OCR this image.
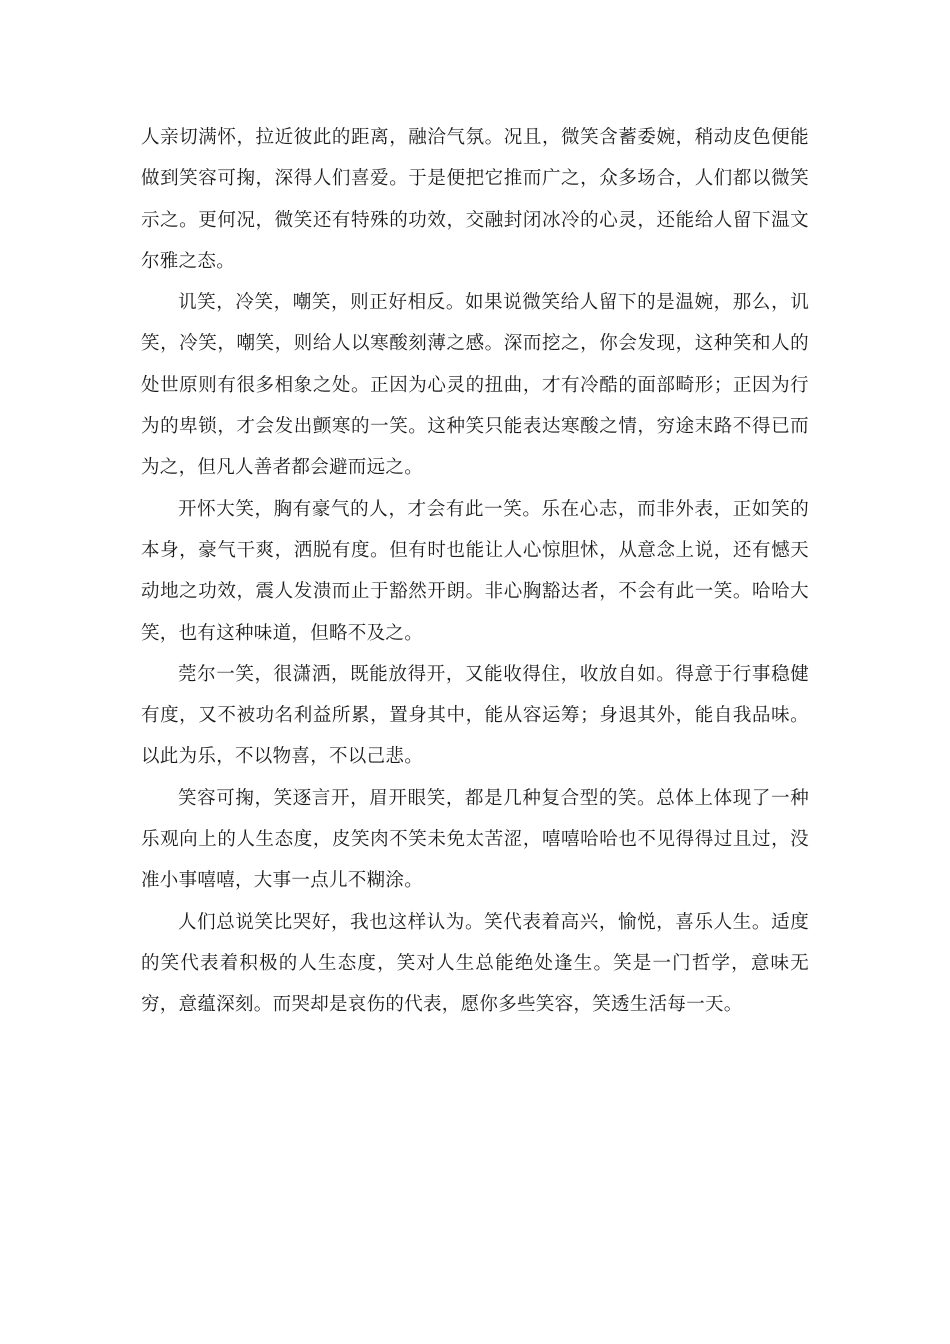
人亲切满怀，拉近彼此的距离，融洽气氛。况且，微笑含蓄委婉，稍动皮色便能做到笑容可掬，深得人们喜爱。于是便把它推而广之，众多场合，人们都以微笑示之。更何况，微笑还有特殊的功效，交融封闭冰冷的心灵，还能给人留下温文尔雅之态。

讥笑，冷笑，嘲笑，则正好相反。如果说微笑给人留下的是温婉，那么，讥笑，冷笑，嘲笑，则给人以寒酸刻薄之感。深而挖之，你会发现，这种笑和人的处世原则有很多相象之处。正因为心灵的扭曲，才有冷酷的面部畸形；正因为行为的卑锁，才会发出颤寒的一笑。这种笑只能表达寒酸之情，穷途末路不得已而为之，但凡人善者都会避而远之。

开怀大笑，胸有豪气的人，才会有此一笑。乐在心志，而非外表，正如笑的本身，豪气干爽，洒脱有度。但有时也能让人心惊胆怵，从意念上说，还有憾天动地之功效，震人发溃而止于豁然开朗。非心胸豁达者，不会有此一笑。哈哈大笑，也有这种味道，但略不及之。

莞尔一笑，很潇洒，既能放得开，又能收得住，收放自如。得意于行事稳健有度，又不被功名利益所累，置身其中，能从容运筹；身退其外，能自我品味。以此为乐，不以物喜，不以己悲。

笑容可掬，笑逐言开，眉开眼笑，都是几种复合型的笑。总体上体现了一种乐观向上的人生态度，皮笑肉不笑未免太苦涩，嘻嘻哈哈也不见得得过且过，没准小事嘻嘻，大事一点儿不糊涂。

人们总说笑比哭好，我也这样认为。笑代表着高兴，愉悦，喜乐人生。适度的笑代表着积极的人生态度，笑对人生总能绝处逢生。笑是一门哲学，意味无穷，意蕴深刻。而哭却是哀伤的代表，愿你多些笑容，笑透生活每一天。
